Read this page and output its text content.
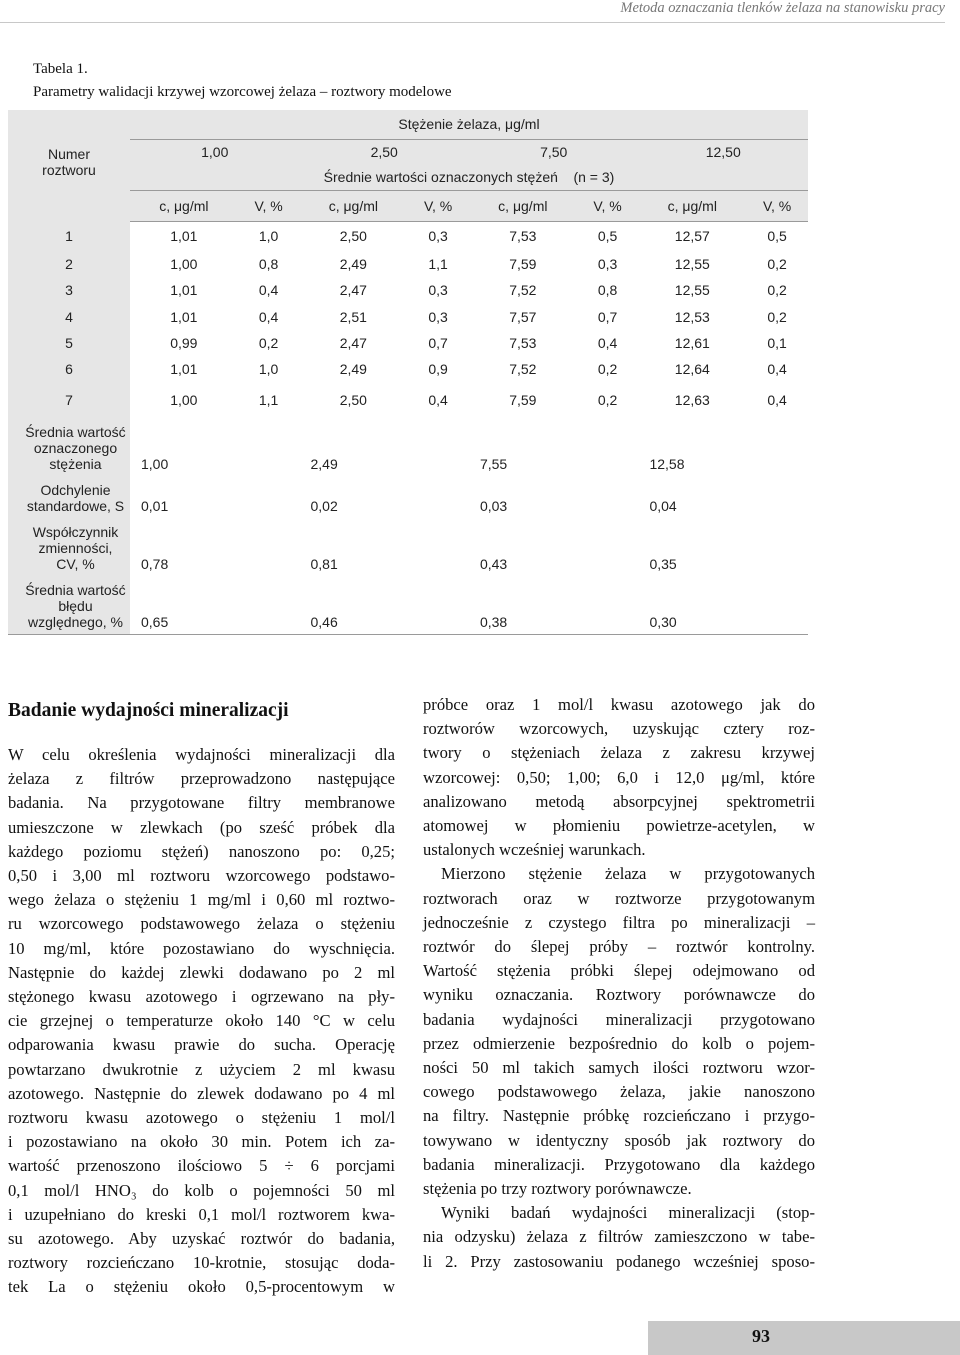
Metoda oznaczania tlenków żelaza na stanowisku pracy
Tabela 1.
Parametry walidacji krzywej wzorcowej żelaza – roztwory modelowe
Numer
roztworu	Stężenie żelaza, μg/ml							
	1,00		2,50		7,50		12,50	
	Średnie wartości oznaczonych stężeń (n = 3)							
	c, μg/ml	V, %	c, μg/ml	V, %	c, μg/ml	V, %	c, μg/ml	V, %
1	1,01	1,0	2,50	0,3	7,53	0,5	12,57	0,5
2	1,00	0,8	2,49	1,1	7,59	0,3	12,55	0,2
3	1,01	0,4	2,47	0,3	7,52	0,8	12,55	0,2
4	1,01	0,4	2,51	0,3	7,57	0,7	12,53	0,2
5	0,99	0,2	2,47	0,7	7,53	0,4	12,61	0,1
6	1,01	1,0	2,49	0,9	7,52	0,2	12,64	0,4
7	1,00	1,1	2,50	0,4	7,59	0,2	12,63	0,4

Średnia wartość
oznaczonego
stężenia	1,00		2,49		7,55		12,58	

Odchylenie
standardowe, S	0,01		0,02		0,03		0,04	

Współczynnik
zmienności,
CV, %	0,78		0,81		0,43		0,35	

Średnia wartość
błędu
względnego, %	0,65		0,46		0,38		0,30	
Badanie wydajności mineralizacji
W celu określenia wydajności mineralizacji dla
żelaza z filtrów przeprowadzono następujące
badania. Na przygotowane filtry membranowe
umieszczone w zlewkach (po sześć próbek dla
każdego poziomu stężeń) nanoszono po: 0,25;
0,50 i 3,00 ml roztworu wzorcowego podstawo-
wego żelaza o stężeniu 1 mg/ml i 0,60 ml roztwo-
ru wzorcowego podstawowego żelaza o stężeniu
10 mg/ml, które pozostawiano do wyschnięcia.
Następnie do każdej zlewki dodawano po 2 ml
stężonego kwasu azotowego i ogrzewano na pły-
cie grzejnej o temperaturze około 140 °C w celu
odparowania kwasu prawie do sucha. Operację
powtarzano dwukrotnie z użyciem 2 ml kwasu
azotowego. Następnie do zlewek dodawano po 4 ml
roztworu kwasu azotowego o stężeniu 1 mol/l
i pozostawiano na około 30 min. Potem ich za-
wartość przenoszono ilościowo 5 ÷ 6 porcjami
0,1 mol/l HNO₃ do kolb o pojemności 50 ml
i uzupełniano do kreski 0,1 mol/l roztworem kwa-
su azotowego. Aby uzyskać roztwór do badania,
roztwory rozcieńczano 10-krotnie, stosując doda-
tek La o stężeniu około 0,5-procentowym w

próbce oraz 1 mol/l kwasu azotowego jak do
roztworów wzorcowych, uzyskując cztery roz-
twory o stężeniach żelaza z zakresu krzywej
wzorcowej: 0,50; 1,00; 6,0 i 12,0 μg/ml, które
analizowano metodą absorpcyjnej spektrometrii
atomowej w płomieniu powietrze-acetylen, w
ustalonych wcześniej warunkach.

Mierzono stężenie żelaza w przygotowanych
roztworach oraz w roztworze przygotowanym
jednocześnie z czystego filtra po mineralizacji –
roztwór do ślepej próby – roztwór kontrolny.
Wartość stężenia próbki ślepej odejmowano od
wyniku oznaczania. Roztwory porównawcze do
badania wydajności mineralizacji przygotowano
przez odmierzenie bezpośrednio do kolb o pojem-
ności 50 ml takich samych ilości roztworu wzor-
cowego podstawowego żelaza, jakie nanoszono
na filtry. Następnie próbkę rozcieńczano i przygo-
towywano w identyczny sposób jak roztwory do
badania mineralizacji. Przygotowano dla każdego
stężenia po trzy roztwory porównawcze.

Wyniki badań wydajności mineralizacji (stop-
nia odzysku) żelaza z filtrów zamieszczono w tabe-
li 2. Przy zastosowaniu podanego wcześniej sposo-

93
